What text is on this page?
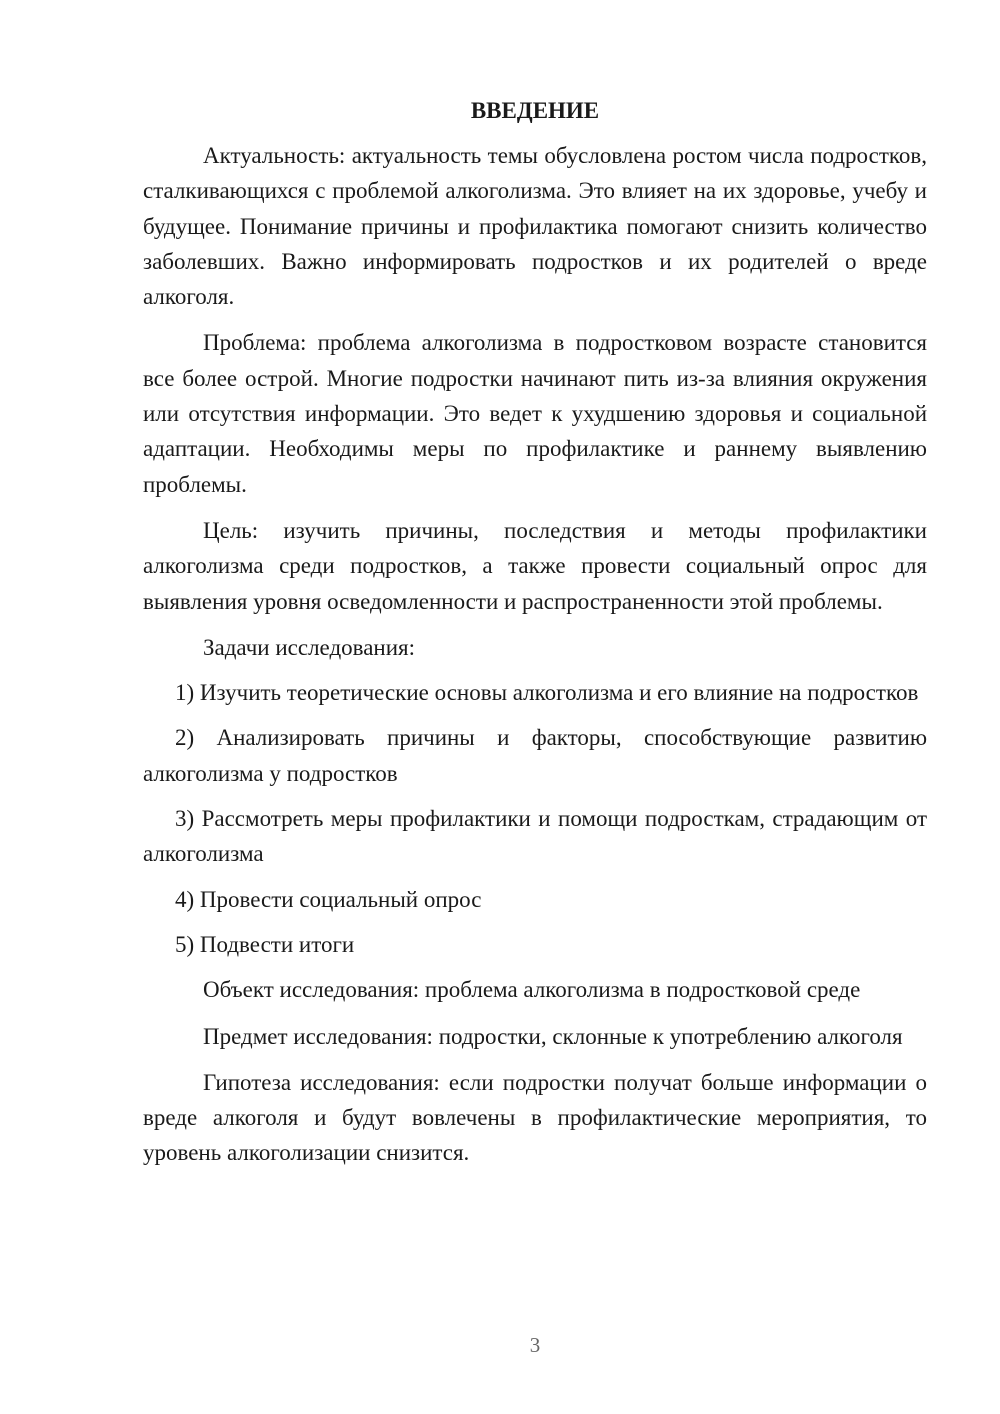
ВВЕДЕНИЕ

Актуальность: актуальность темы обусловлена ростом числа подростков, сталкивающихся с проблемой алкоголизма. Это влияет на их здоровье, учебу и будущее. Понимание причины и профилактика помогают снизить количество заболевших. Важно информировать подростков и их родителей о вреде алкоголя.

Проблема: проблема алкоголизма в подростковом возрасте становится все более острой. Многие подростки начинают пить из-за влияния окружения или отсутствия информации. Это ведет к ухудшению здоровья и социальной адаптации. Необходимы меры по профилактике и раннему выявлению проблемы.

Цель: изучить причины, последствия и методы профилактики алкоголизма среди подростков, а также провести социальный опрос для выявления уровня осведомленности и распространенности этой проблемы.

Задачи исследования:

1) Изучить теоретические основы алкоголизма и его влияние на подростков

2) Анализировать причины и факторы, способствующие развитию алкоголизма у подростков

3) Рассмотреть меры профилактики и помощи подросткам, страдающим от алкоголизма

4) Провести социальный опрос

5) Подвести итоги

Объект исследования: проблема алкоголизма в подростковой среде

Предмет исследования: подростки, склонные к употреблению алкоголя

Гипотеза исследования: если подростки получат больше информации о вреде алкоголя и будут вовлечены в профилактические мероприятия, то уровень алкоголизации снизится.

3
